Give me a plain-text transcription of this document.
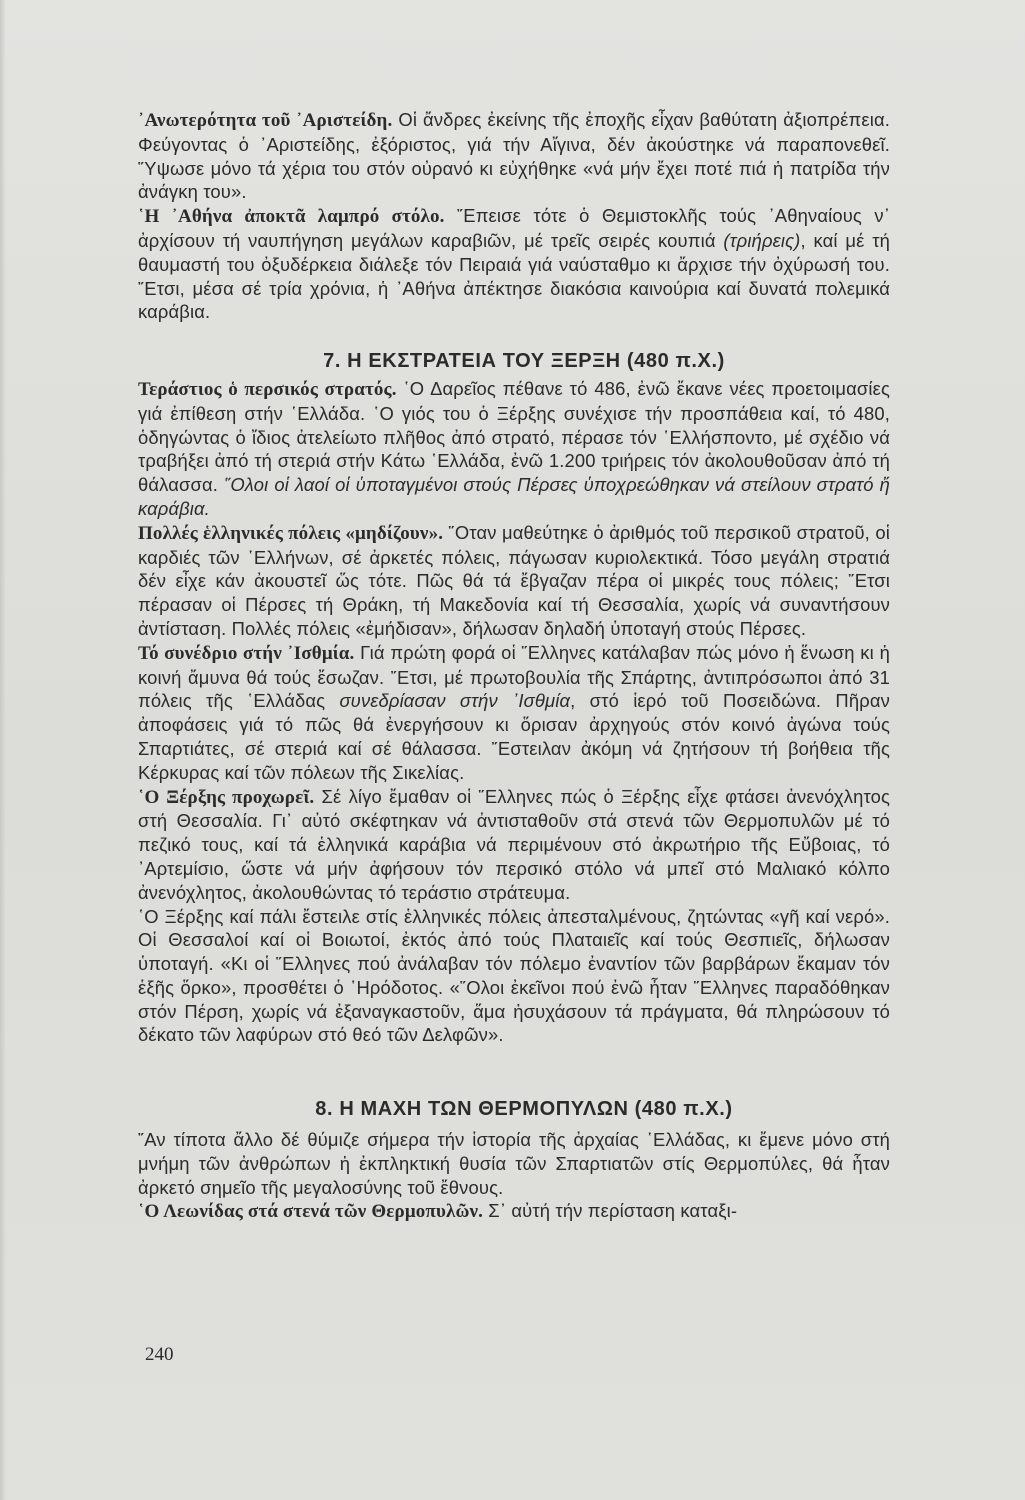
᾿Ανωτερότητα τοῦ ᾿Αριστείδη. Οἱ ἄνδρες ἐκείνης τῆς ἐποχῆς εἶχαν βαθύτατη ἀξιοπρέπεια. Φεύγοντας ὁ ᾿Αριστείδης, ἐξόριστος, γιά τήν Αἴγινα, δέν ἀκούστηκε νά παραπονεθεῖ. ῞Υψωσε μόνο τά χέρια του στόν οὐρανό κι εὐχήθηκε «νά μήν ἔχει ποτέ πιά ἡ πατρίδα τήν ἀνάγκη του».

῾Η ᾿Αθήνα ἀποκτᾶ λαμπρό στόλο. ῎Επεισε τότε ὁ Θεμιστοκλῆς τούς ᾿Αθηναίους ν᾿ ἀρχίσουν τή ναυπήγηση μεγάλων καραβιῶν, μέ τρεῖς σειρές κουπιά (τριήρεις), καί μέ τή θαυμαστή του ὀξυδέρκεια διάλεξε τόν Πειραιά γιά ναύσταθμο κι ἄρχισε τήν ὀχύρωσή του. ῎Ετσι, μέσα σέ τρία χρόνια, ἡ ᾿Αθήνα ἀπέκτησε διακόσια καινούρια καί δυνατά πολεμικά καράβια.

7. Η ΕΚΣΤΡΑΤΕΙΑ ΤΟΥ ΞΕΡΞΗ (480 π.Χ.)

Τεράστιος ὁ περσικός στρατός. ῾Ο Δαρεῖος πέθανε τό 486, ἐνῶ ἔκανε νέες προετοιμασίες γιά ἐπίθεση στήν ῾Ελλάδα. ῾Ο γιός του ὁ Ξέρξης συνέχισε τήν προσπάθεια καί, τό 480, ὁδηγώντας ὁ ἴδιος ἀτελείωτο πλῆθος ἀπό στρατό, πέρασε τόν ῾Ελλήσποντο, μέ σχέδιο νά τραβήξει ἀπό τή στεριά στήν Κάτω ῾Ελλάδα, ἐνῶ 1.200 τριήρεις τόν ἀκολουθοῦσαν ἀπό τή θάλασσα. ῞Ολοι οἱ λαοί οἱ ὑποταγμένοι στούς Πέρσες ὑποχρεώθηκαν νά στείλουν στρατό ἤ καράβια.

Πολλές ἑλληνικές πόλεις «μηδίζουν». ῞Οταν μαθεύτηκε ὁ ἀριθμός τοῦ περσικοῦ στρατοῦ, οἱ καρδιές τῶν ῾Ελλήνων, σέ ἀρκετές πόλεις, πάγωσαν κυριολεκτικά. Τόσο μεγάλη στρατιά δέν εἶχε κάν ἀκουστεῖ ὥς τότε. Πῶς θά τά ἔβγαζαν πέρα οἱ μικρές τους πόλεις; ῎Ετσι πέρασαν οἱ Πέρσες τή Θράκη, τή Μακεδονία καί τή Θεσσαλία, χωρίς νά συναντήσουν ἀντίσταση. Πολλές πόλεις «ἐμήδισαν», δήλωσαν δηλαδή ὑποταγή στούς Πέρσες.

Τό συνέδριο στήν ᾿Ισθμία. Γιά πρώτη φορά οἱ ῞Ελληνες κατάλαβαν πώς μόνο ἡ ἕνωση κι ἡ κοινή ἄμυνα θά τούς ἔσωζαν. ῎Ετσι, μέ πρωτοβουλία τῆς Σπάρτης, ἀντιπρόσωποι ἀπό 31 πόλεις τῆς ῾Ελλάδας συνεδρίασαν στήν ᾿Ισθμία, στό ἱερό τοῦ Ποσειδώνα. Πῆραν ἀποφάσεις γιά τό πῶς θά ἐνεργήσουν κι ὅρισαν ἀρχηγούς στόν κοινό ἀγώνα τούς Σπαρτιάτες, σέ στεριά καί σέ θάλασσα. ῎Εστειλαν ἀκόμη νά ζητήσουν τή βοήθεια τῆς Κέρκυρας καί τῶν πόλεων τῆς Σικελίας.

῾Ο Ξέρξης προχωρεῖ. Σέ λίγο ἔμαθαν οἱ ῞Ελληνες πώς ὁ Ξέρξης εἶχε φτάσει ἀνενόχλητος στή Θεσσαλία. Γι᾿ αὐτό σκέφτηκαν νά ἀντισταθοῦν στά στενά τῶν Θερμοπυλῶν μέ τό πεζικό τους, καί τά ἑλληνικά καράβια νά περιμένουν στό ἀκρωτήριο τῆς Εὔβοιας, τό ᾿Αρτεμίσιο, ὥστε νά μήν ἀφήσουν τόν περσικό στόλο νά μπεῖ στό Μαλιακό κόλπο ἀνενόχλητος, ἀκολουθώντας τό τεράστιο στράτευμα.

῾Ο Ξέρξης καί πάλι ἔστειλε στίς ἑλληνικές πόλεις ἀπεσταλμένους, ζητώντας «γῆ καί νερό». Οἱ Θεσσαλοί καί οἱ Βοιωτοί, ἐκτός ἀπό τούς Πλαταιεῖς καί τούς Θεσπιεῖς, δήλωσαν ὑποταγή. «Κι οἱ ῞Ελληνες πού ἀνάλαβαν τόν πόλεμο ἐναντίον τῶν βαρβάρων ἔκαμαν τόν ἑξῆς ὅρκο», προσθέτει ὁ ῾Ηρόδοτος. «῞Ολοι ἐκεῖνοι πού ἐνῶ ἦταν ῞Ελληνες παραδόθηκαν στόν Πέρση, χωρίς νά ἐξαναγκαστοῦν, ἅμα ἡσυχάσουν τά πράγματα, θά πληρώσουν τό δέκατο τῶν λαφύρων στό θεό τῶν Δελφῶν».

8. Η ΜΑΧΗ ΤΩΝ ΘΕΡΜΟΠΥΛΩΝ (480 π.Χ.)

῎Αν τίποτα ἄλλο δέ θύμιζε σήμερα τήν ἱστορία τῆς ἀρχαίας ῾Ελλάδας, κι ἔμενε μόνο στή μνήμη τῶν ἀνθρώπων ἡ ἐκπληκτική θυσία τῶν Σπαρτιατῶν στίς Θερμοπύλες, θά ἦταν ἀρκετό σημεῖο τῆς μεγαλοσύνης τοῦ ἔθνους.

῾Ο Λεωνίδας στά στενά τῶν Θερμοπυλῶν. Σ᾿ αὐτή τήν περίσταση καταξι-

240
